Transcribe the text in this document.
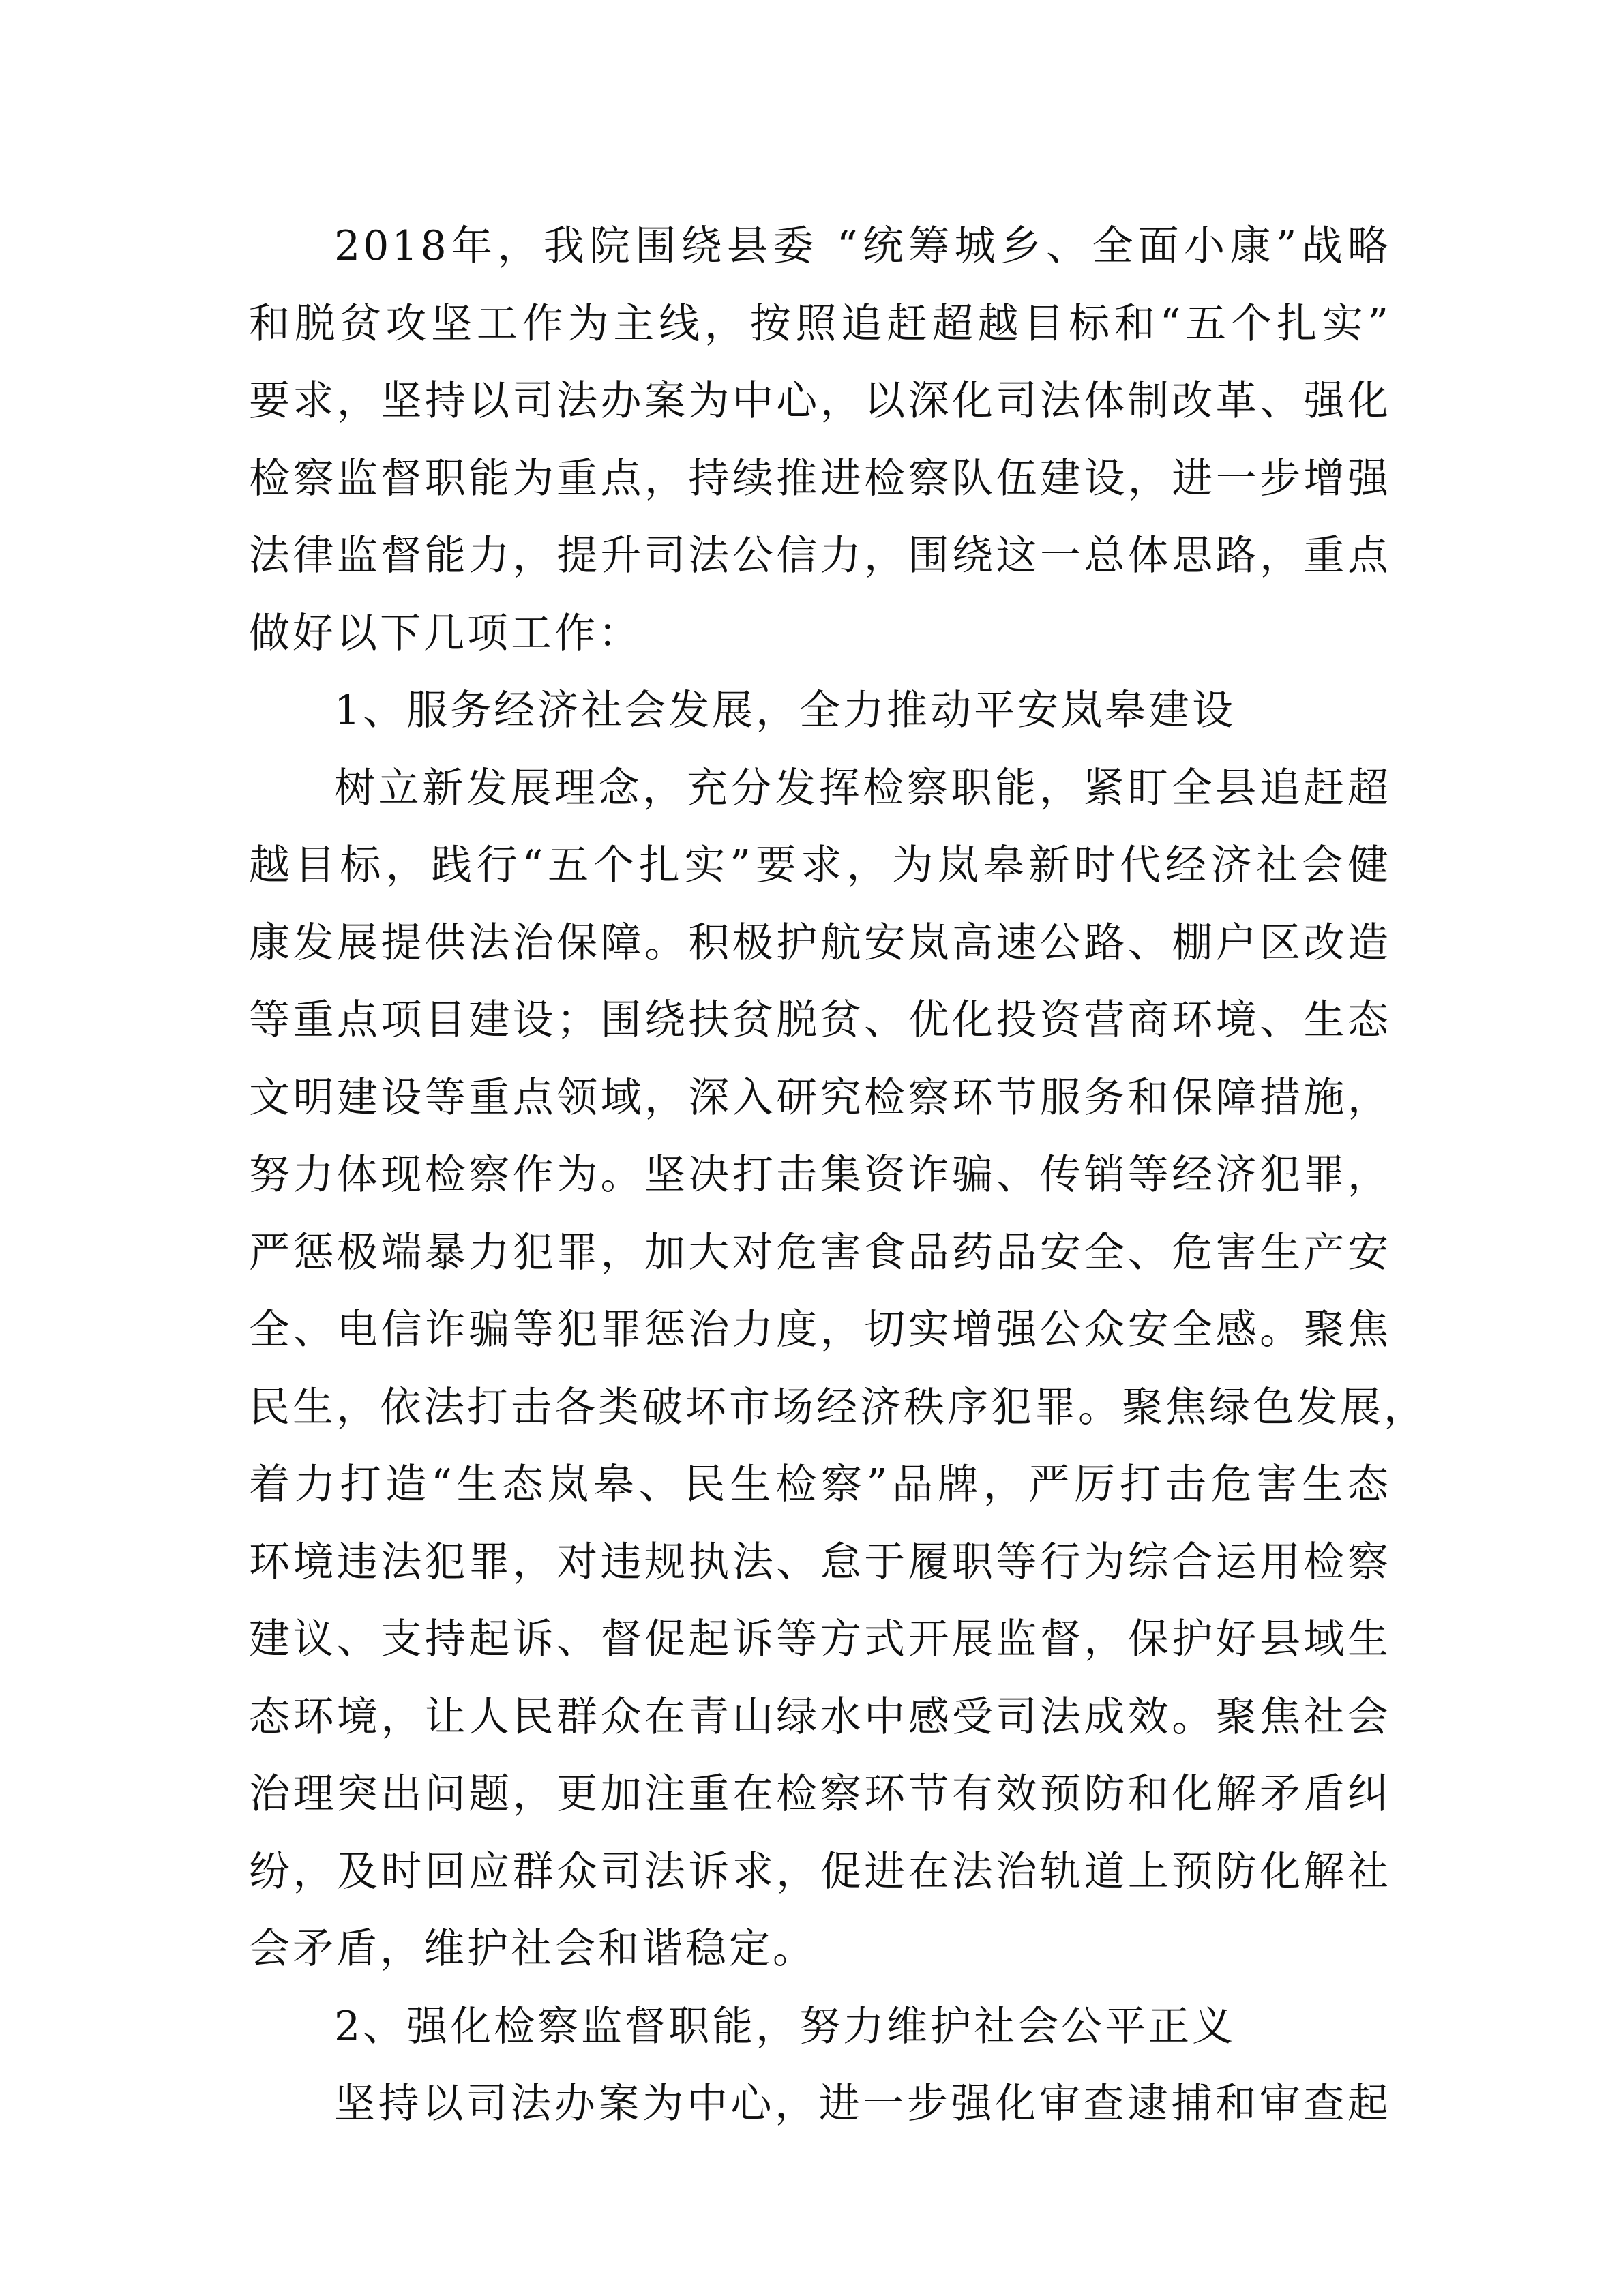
2018年，我院围绕县委 “统筹城乡、全面小康”战略
和脱贫攻坚工作为主线，按照追赶超越目标和“五个扎实”
要求，坚持以司法办案为中心，以深化司法体制改革、强化
检察监督职能为重点，持续推进检察队伍建设，进一步增强
法律监督能力，提升司法公信力，围绕这一总体思路，重点
做好以下几项工作：
1、服务经济社会发展，全力推动平安岚皋建设
树立新发展理念，充分发挥检察职能，紧盯全县追赶超
越目标，践行“五个扎实”要求，为岚皋新时代经济社会健
康发展提供法治保障。积极护航安岚高速公路、棚户区改造
等重点项目建设；围绕扶贫脱贫、优化投资营商环境、生态
文明建设等重点领域，深入研究检察环节服务和保障措施，
努力体现检察作为。坚决打击集资诈骗、传销等经济犯罪，
严惩极端暴力犯罪，加大对危害食品药品安全、危害生产安
全、电信诈骗等犯罪惩治力度，切实增强公众安全感。聚焦
民生，依法打击各类破坏市场经济秩序犯罪。聚焦绿色发展，
着力打造“生态岚皋、民生检察”品牌，严厉打击危害生态
环境违法犯罪，对违规执法、怠于履职等行为综合运用检察
建议、支持起诉、督促起诉等方式开展监督，保护好县域生
态环境，让人民群众在青山绿水中感受司法成效。聚焦社会
治理突出问题，更加注重在检察环节有效预防和化解矛盾纠
纷，及时回应群众司法诉求，促进在法治轨道上预防化解社
会矛盾，维护社会和谐稳定。
2、强化检察监督职能，努力维护社会公平正义
坚持以司法办案为中心，进一步强化审查逮捕和审查起
